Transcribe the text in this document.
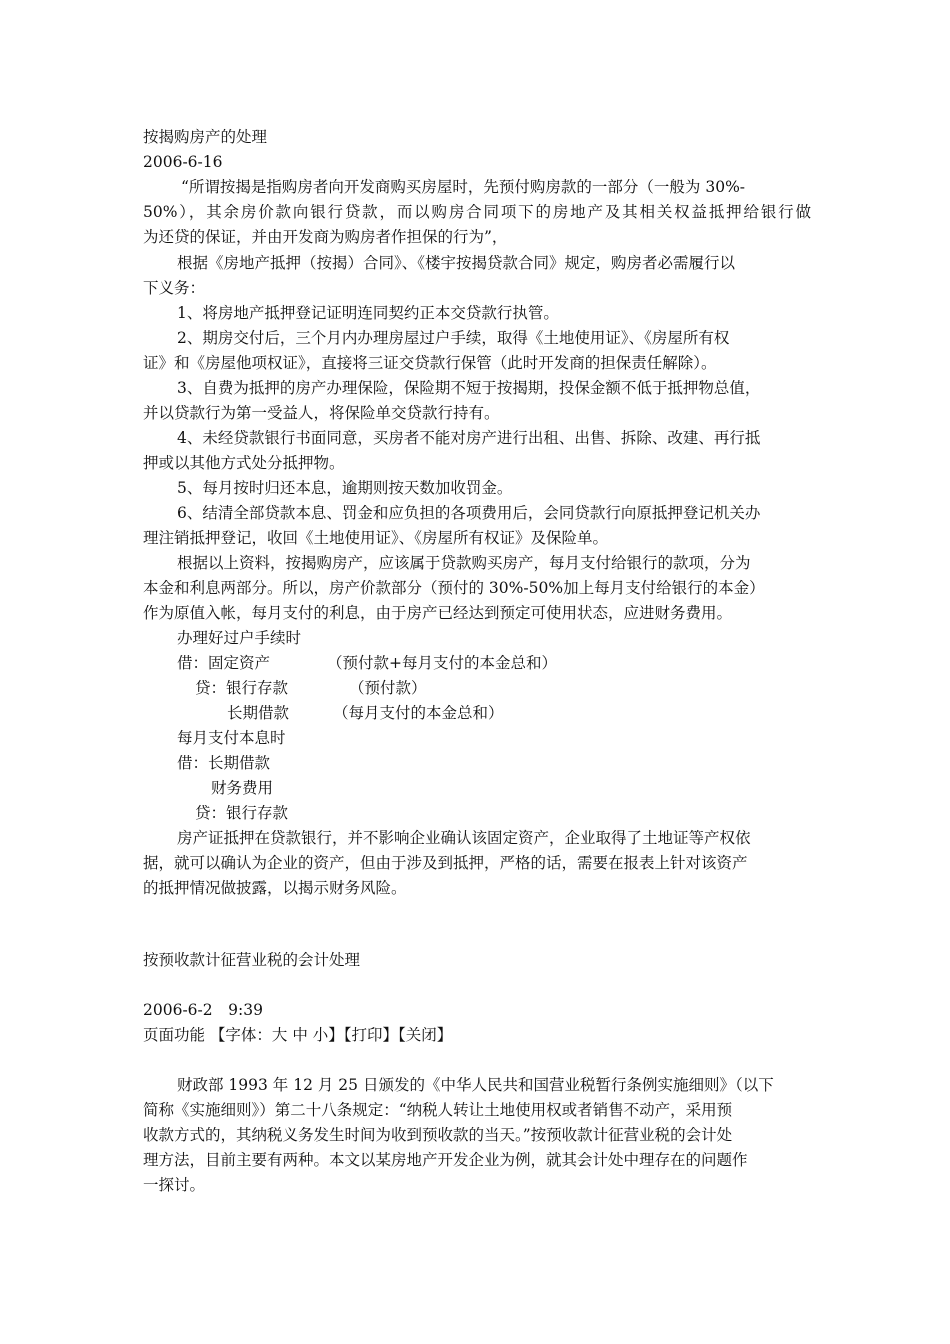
按揭购房产的处理
2006-6-16
“所谓按揭是指购房者向开发商购买房屋时，先预付购房款的一部分（一般为 30%-
50%），其余房价款向银行贷款，而以购房合同项下的房地产及其相关权益抵押给银行做
为还贷的保证，并由开发商为购房者作担保的行为”，
根据《房地产抵押（按揭）合同》、《楼宇按揭贷款合同》规定，购房者必需履行以
下义务：
1、将房地产抵押登记证明连同契约正本交贷款行执管。
2、期房交付后，三个月内办理房屋过户手续，取得《土地使用证》、《房屋所有权
证》和《房屋他项权证》，直接将三证交贷款行保管（此时开发商的担保责任解除）。
3、自费为抵押的房产办理保险，保险期不短于按揭期，投保金额不低于抵押物总值，
并以贷款行为第一受益人，将保险单交贷款行持有。
4、未经贷款银行书面同意，买房者不能对房产进行出租、出售、拆除、改建、再行抵
押或以其他方式处分抵押物。
5、每月按时归还本息，逾期则按天数加收罚金。
6、结清全部贷款本息、罚金和应负担的各项费用后，会同贷款行向原抵押登记机关办
理注销抵押登记，收回《土地使用证》、《房屋所有权证》及保险单。
根据以上资料，按揭购房产，应该属于贷款购买房产，每月支付给银行的款项，分为
本金和利息两部分。所以，房产价款部分（预付的 30%-50%加上每月支付给银行的本金）
作为原值入帐，每月支付的利息，由于房产已经达到预定可使用状态，应进财务费用。
办理好过户手续时
借：固定资产	（预付款+每月支付的本金总和）
贷：银行存款	（预付款）
长期借款	（每月支付的本金总和）
每月支付本息时
借：长期借款
财务费用
贷：银行存款
房产证抵押在贷款银行，并不影响企业确认该固定资产，企业取得了土地证等产权依
据，就可以确认为企业的资产，但由于涉及到抵押，严格的话，需要在报表上针对该资产
的抵押情况做披露，以揭示财务风险。
按预收款计征营业税的会计处理
2006-6-2　9:39
页面功能 【字体：大 中 小】【打印】【关闭】
财政部 1993 年 12 月 25 日颁发的《中华人民共和国营业税暂行条例实施细则》（以下
简称《实施细则》）第二十八条规定：“纳税人转让土地使用权或者销售不动产，采用预
收款方式的，其纳税义务发生时间为收到预收款的当天。”按预收款计征营业税的会计处
理方法，目前主要有两种。本文以某房地产开发企业为例，就其会计处中理存在的问题作
一探讨。
